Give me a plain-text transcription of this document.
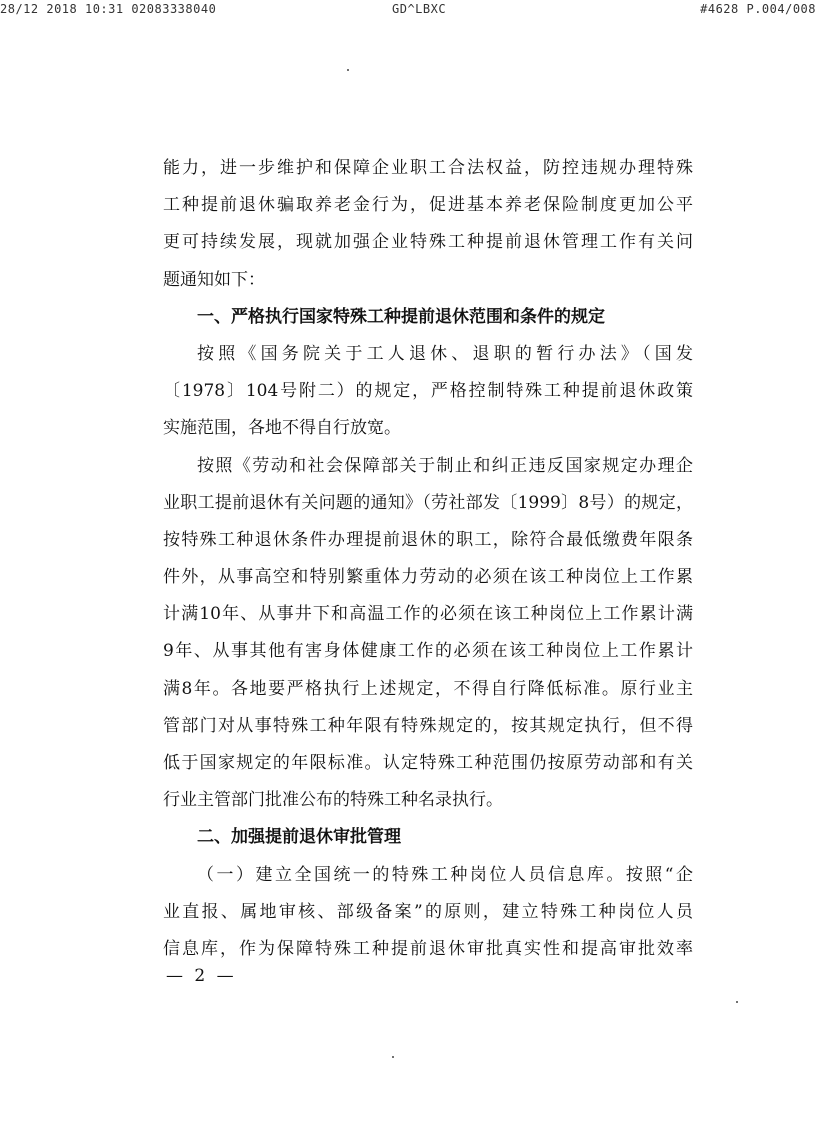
28/12 2018 10:31 02083338040	GD^LBXC	#4628 P.004/008
能力，进一步维护和保障企业职工合法权益，防控违规办理特殊
工种提前退休骗取养老金行为，促进基本养老保险制度更加公平
更可持续发展，现就加强企业特殊工种提前退休管理工作有关问
题通知如下：
一、严格执行国家特殊工种提前退休范围和条件的规定
按照《国务院关于工人退休、退职的暂行办法》（国发
〔1978〕104号附二）的规定，严格控制特殊工种提前退休政策
实施范围，各地不得自行放宽。
按照《劳动和社会保障部关于制止和纠正违反国家规定办理企
业职工提前退休有关问题的通知》（劳社部发〔1999〕8号）的规定，
按特殊工种退休条件办理提前退休的职工，除符合最低缴费年限条
件外，从事高空和特别繁重体力劳动的必须在该工种岗位上工作累
计满10年、从事井下和高温工作的必须在该工种岗位上工作累计满
9年、从事其他有害身体健康工作的必须在该工种岗位上工作累计
满8年。各地要严格执行上述规定，不得自行降低标准。原行业主
管部门对从事特殊工种年限有特殊规定的，按其规定执行，但不得
低于国家规定的年限标准。认定特殊工种范围仍按原劳动部和有关
行业主管部门批准公布的特殊工种名录执行。
二、加强提前退休审批管理
（一）建立全国统一的特殊工种岗位人员信息库。按照“企
业直报、属地审核、部级备案”的原则，建立特殊工种岗位人员
信息库，作为保障特殊工种提前退休审批真实性和提高审批效率
— 2 —
